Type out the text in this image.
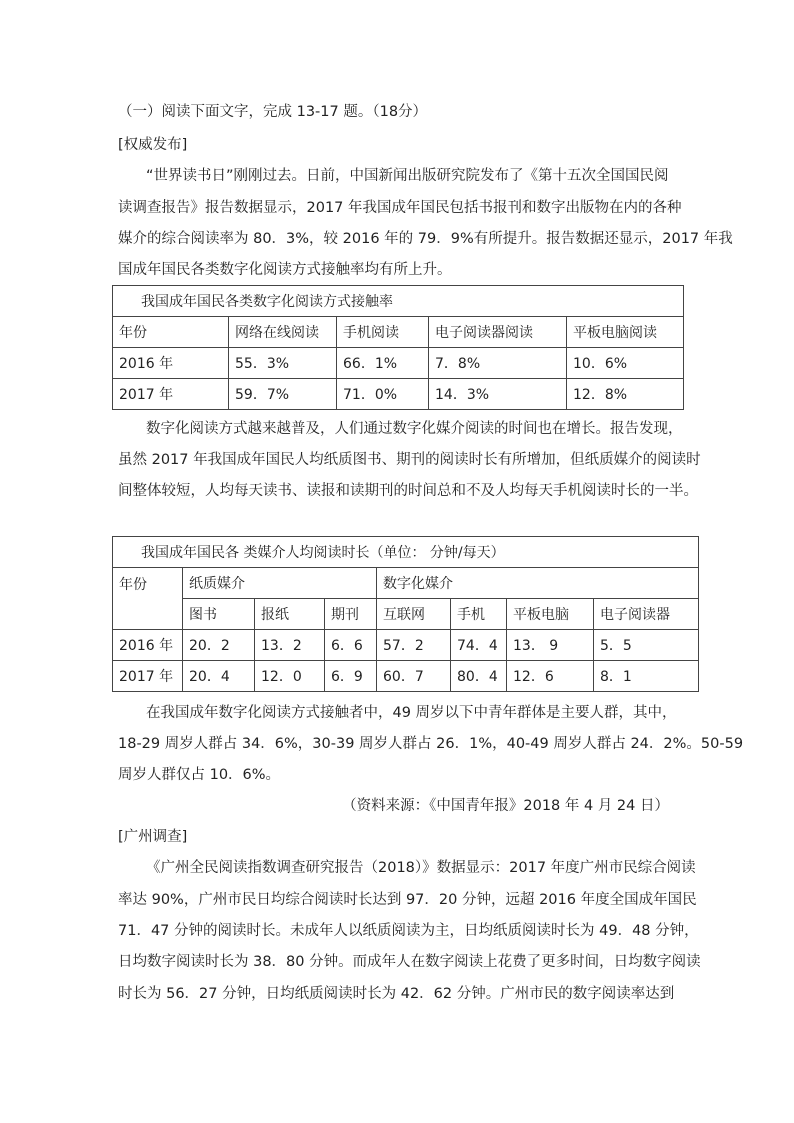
（一）阅读下面文字，完成 13-17 题。（18分）
[权威发布]
“世界读书日”刚刚过去。日前，中国新闻出版研究院发布了《第十五次全国国民阅
读调查报告》报告数据显示，2017 年我国成年国民包括书报刊和数字出版物在内的各种
媒介的综合阅读率为 80．3%，较 2016 年的 79．9%有所提升。报告数据还显示，2017 年我
国成年国民各类数字化阅读方式接触率均有所上升。
我国成年国民各类数字化阅读方式接触率				
年份	网络在线阅读	手机阅读	电子阅读器阅读	平板电脑阅读
2016 年	55．3%	66．1%	7．8%	10．6%
2017 年	59．7%	71．0%	14．3%	12．8%
数字化阅读方式越来越普及，人们通过数字化媒介阅读的时间也在增长。报告发现，
虽然 2017 年我国成年国民人均纸质图书、期刊的阅读时长有所增加，但纸质媒介的阅读时
间整体较短，人均每天读书、读报和读期刊的时间总和不及人均每天手机阅读时长的一半。
我国成年国民各 类媒介人均阅读时长（单位： 分钟/每天）							
年份	纸质媒介			数字化媒介			
	图书	报纸	期刊	互联网	手机	平板电脑	电子阅读器
2016 年	20．2	13．2	6．6	57．2	74．4	13． 9	5．5
2017 年	20．4	12．0	6．9	60．7	80．4	12．6	8．1
在我国成年数字化阅读方式接触者中，49 周岁以下中青年群体是主要人群，其中，
18-29 周岁人群占 34．6%，30-39 周岁人群占 26．1%，40-49 周岁人群占 24．2%。50-59
周岁人群仅占 10．6%。
（资料来源：《中国青年报》2018 年 4 月 24 日）
[广州调查]
《广州全民阅读指数调查研究报告（2018）》数据显示：2017 年度广州市民综合阅读
率达 90%，广州市民日均综合阅读时长达到 97．20 分钟，远超 2016 年度全国成年国民
71．47 分钟的阅读时长。未成年人以纸质阅读为主，日均纸质阅读时长为 49．48 分钟，
日均数字阅读时长为 38．80 分钟。而成年人在数字阅读上花费了更多时间，日均数字阅读
时长为 56．27 分钟，日均纸质阅读时长为 42．62 分钟。广州市民的数字阅读率达到
